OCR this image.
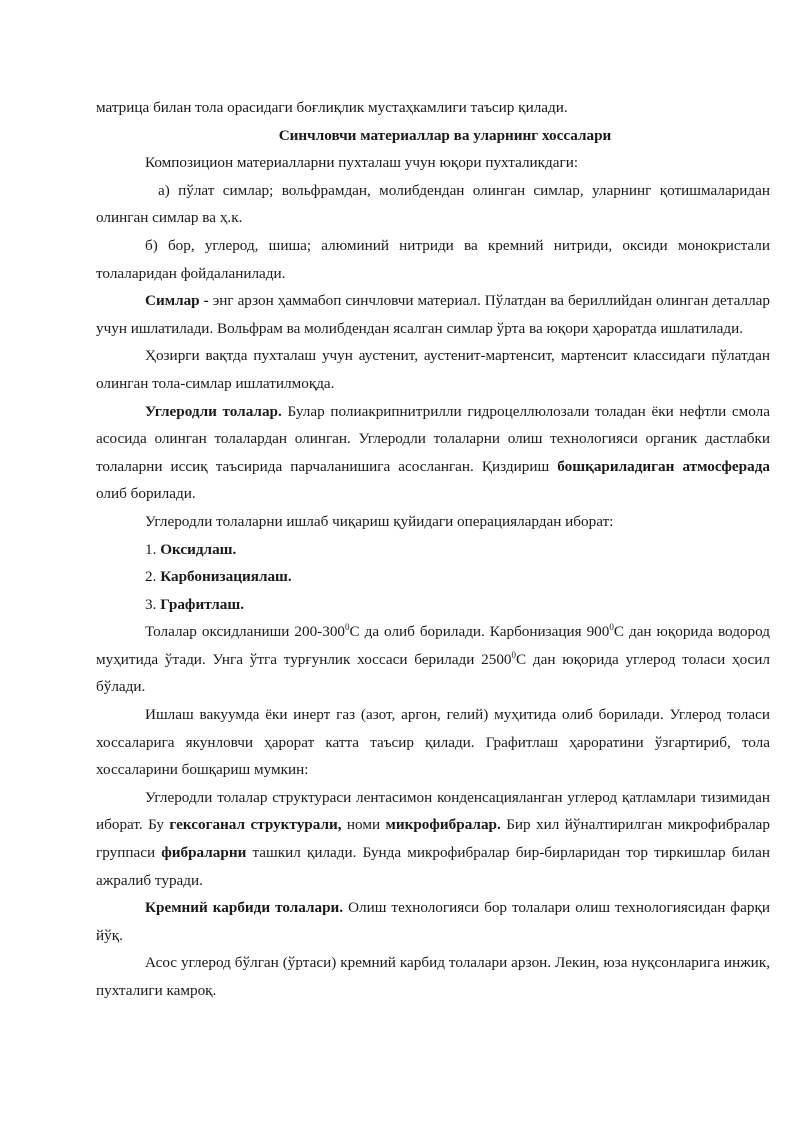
матрица билан тола орасидаги боғлиқлик мустаҳкамлиги таъсир қилади.

Синчловчи материаллар ва уларнинг хоссалари

Композицион материалларни пухталаш учун юқори пухталикдаги:

а) пўлат симлар; вольфрамдан, молибдендан олинган симлар, уларнинг қотишмаларидан олинган симлар ва ҳ.к.

б) бор, углерод, шиша; алюминий нитриди ва кремний нитриди, оксиди монокристали толаларидан фойдаланилади.

Симлар - энг арзон ҳаммабоп синчловчи материал. Пўлатдан ва бериллийдан олинган деталлар учун ишлатилади. Вольфрам ва молибдендан ясалган симлар ўрта ва юқори ҳароратда ишлатилади.

Ҳозирги вақтда пухталаш учун аустенит, аустенит-мартенсит, мартенсит классидаги пўлатдан олинган тола-симлар ишлатилмоқда.

Углеродли толалар. Булар полиакрипнитрилли гидроцеллюлозали толадан ёки нефтли смола асосида олинган толалардан олинган. Углеродли толаларни олиш технологияси органик дастлабки толаларни иссиқ таъсирида парчаланишига асосланган. Қиздириш бошқариладиган атмосферада олиб борилади.

Углеродли толаларни ишлаб чиқариш қуйидаги операциялардан иборат:

1. Оксидлаш.

2. Карбонизациялаш.

3. Графитлаш.

Толалар оксидланиши $200-300^0С$ да олиб борилади. Карбонизация $900^0С$ дан юқорида водород муҳитида ўтади. Унга ўтга турғунлик хоссаси берилади 2500$^0$С дан юқорида углерод толаси ҳосил бўлади.

Ишлаш вакуумда ёки инерт газ (азот, аргон, гелий) муҳитида олиб борилади. Углерод толаси хоссаларига якунловчи ҳарорат катта таъсир қилади. Графитлаш ҳароратини ўзгартириб, тола хоссаларини бошқариш мумкин:

Углеродли толалар структураси лентасимон конденсацияланган углерод қатламлари тизимидан иборат. Бу гексоганал структурали, номи микрофибралар. Бир хил йўналтирилган микрофибралар группаси фибраларни ташкил қилади. Бунда микрофибралар бир-бирларидан тор тиркишлар билан ажралиб туради.

Кремний карбиди толалари. Олиш технологияси бор толалари олиш технологиясидан фарқи йўқ.

Асос углерод бўлган (ўртаси) кремний карбид толалари арзон. Лекин, юза нуқсонларига инжик, пухталиги камроқ.
